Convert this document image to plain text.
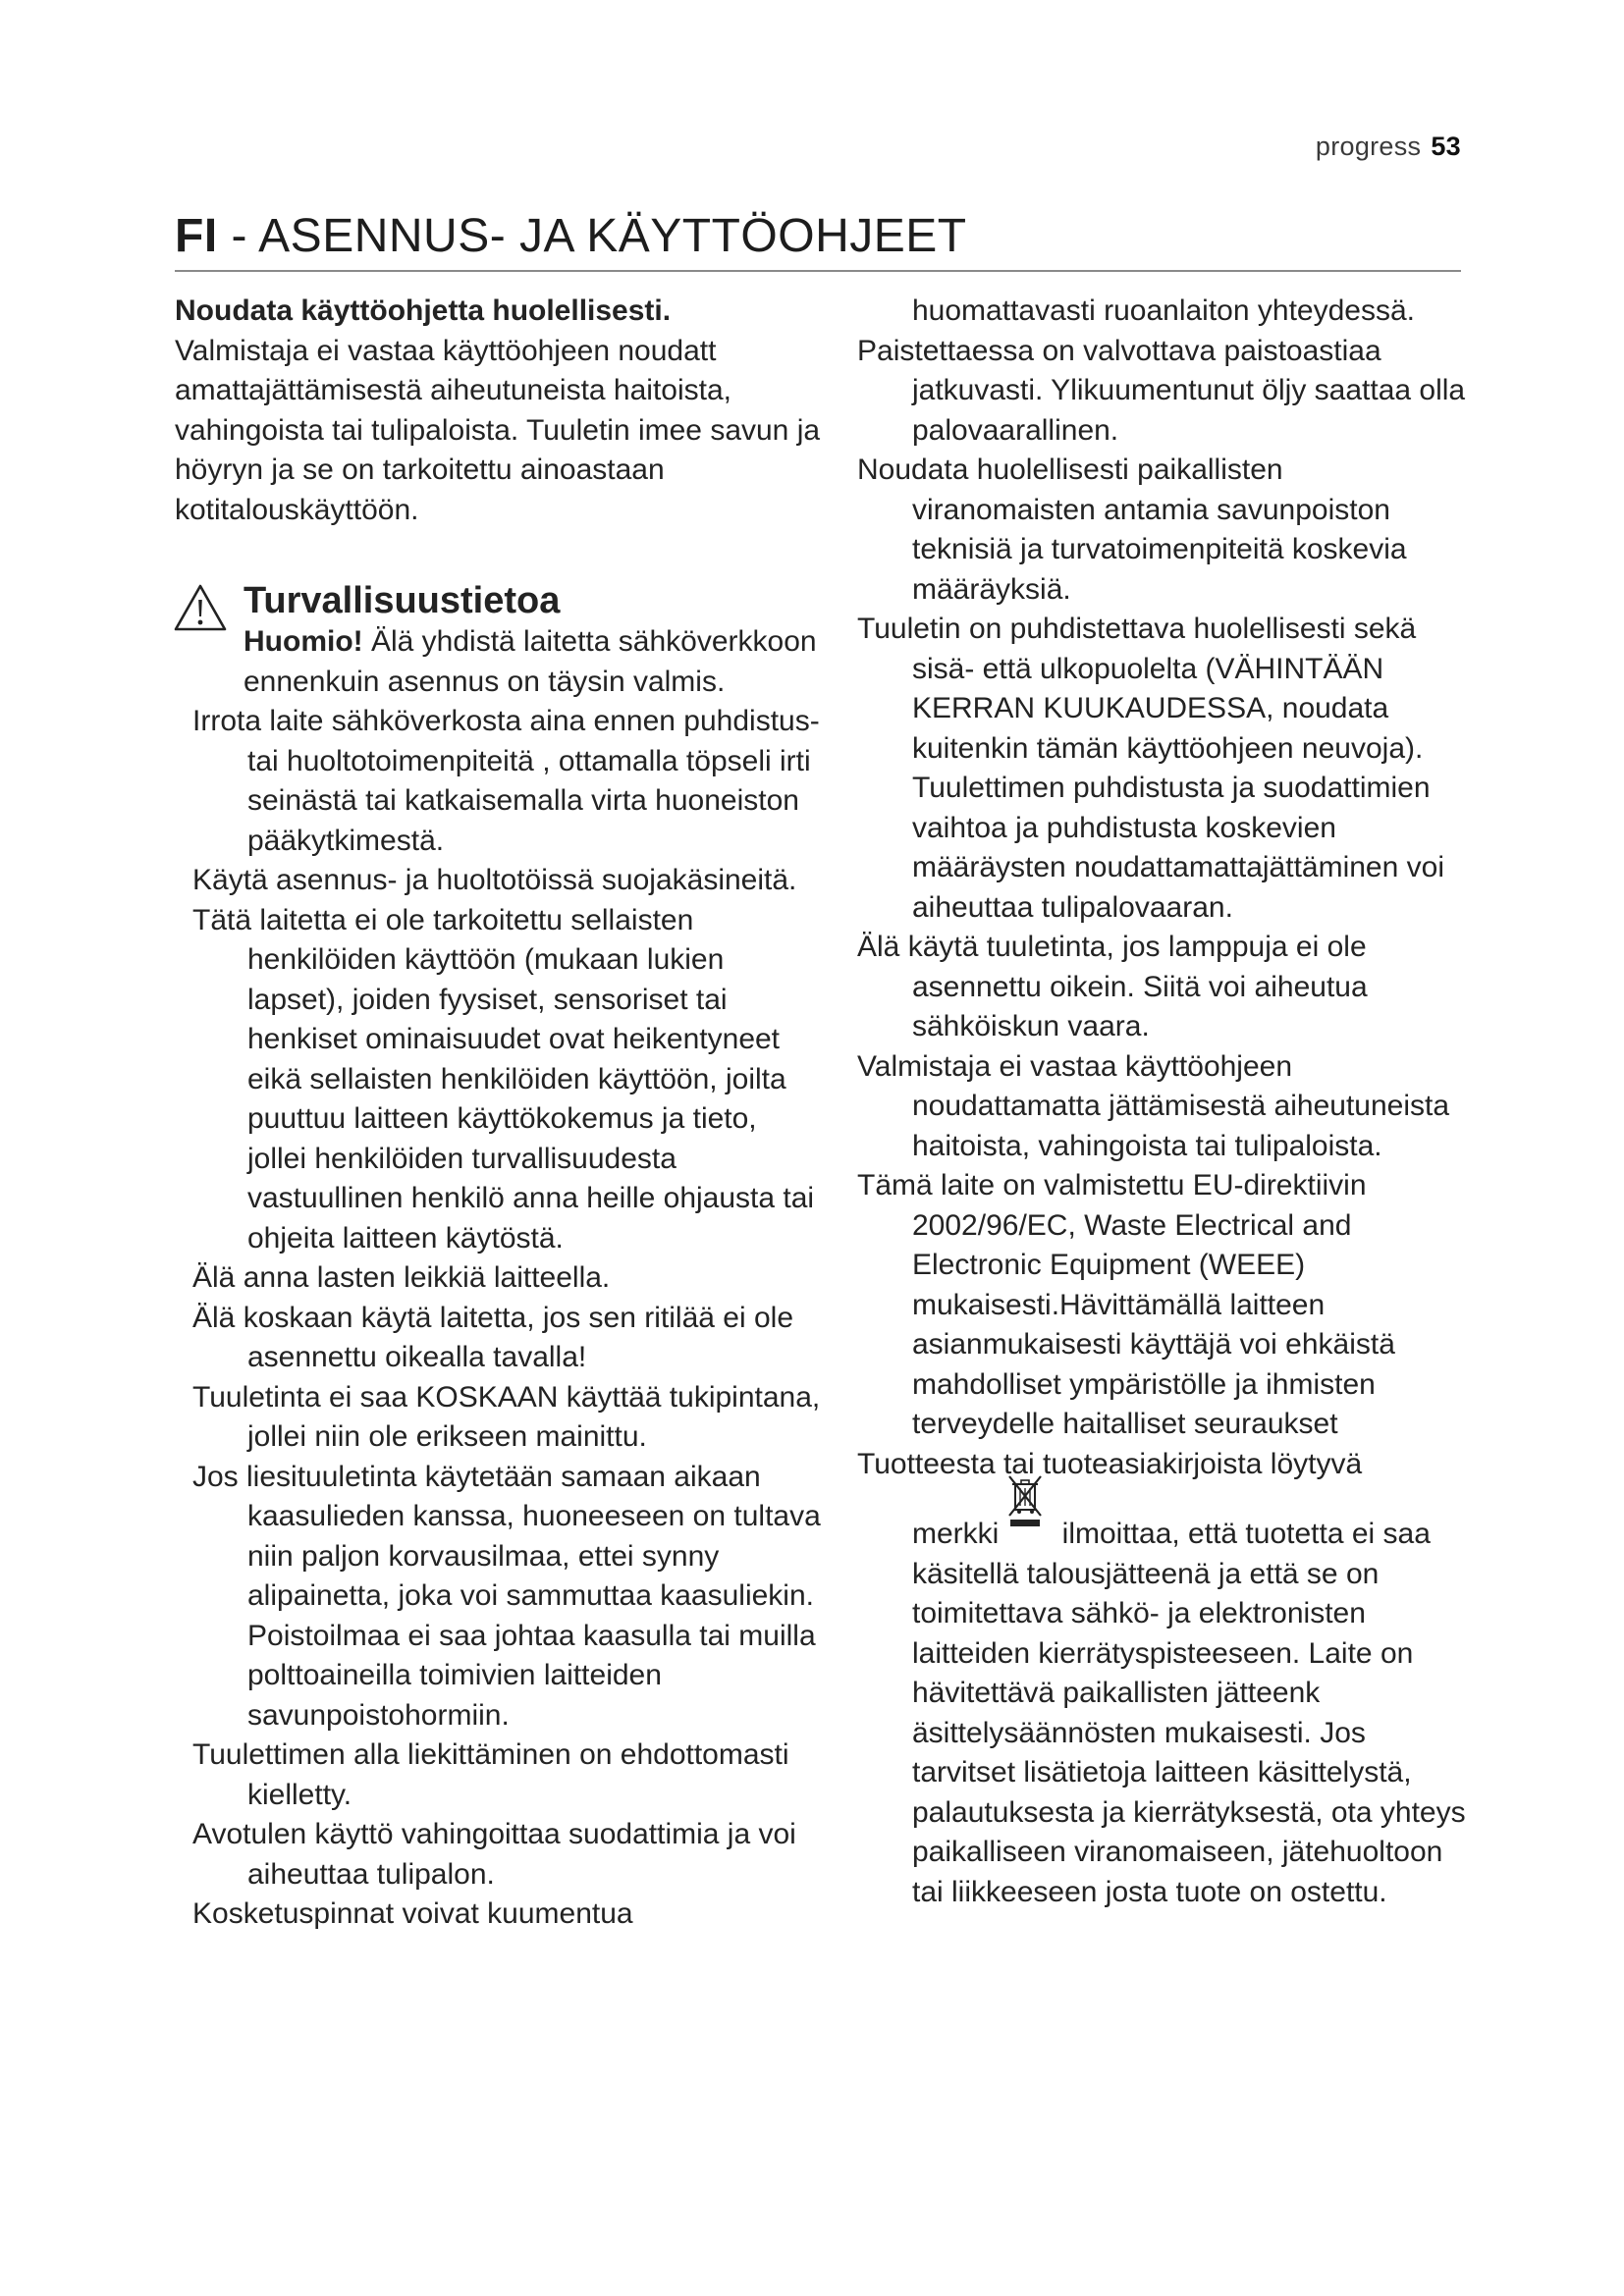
progress 53
FI - ASENNUS- JA KÄYTTÖOHJEET
Noudata käyttöohjetta huolellisesti.
Valmistaja ei vastaa käyttöohjeen noudatt amattajättämisestä aiheutuneista haitoista, vahingoista tai tulipaloista. Tuuletin imee savun ja höyryn ja se on tarkoitettu ainoastaan kotitalouskäyttöön.
Turvallisuustietoa
Huomio! Älä yhdistä laitetta sähköverkkoon ennenkuin asennus on täysin valmis.
Irrota laite sähköverkosta aina ennen puhdistus- tai huoltotoimenpiteitä , ottamalla töpseli irti seinästä tai katkaisemalla virta huoneiston pääkytkimestä.
Käytä asennus- ja huoltotöissä suojakäsineitä.
Tätä laitetta ei ole tarkoitettu sellaisten henkilöiden käyttöön (mukaan lukien lapset), joiden fyysiset, sensoriset tai henkiset ominaisuudet ovat heikentyneet eikä sellaisten henkilöiden käyttöön, joilta puuttuu laitteen käyttökokemus ja tieto, jollei henkilöiden turvallisuudesta vastuullinen henkilö anna heille ohjausta tai ohjeita laitteen käytöstä.
Älä anna lasten leikkiä laitteella.
Älä koskaan käytä laitetta, jos sen ritilää ei ole asennettu oikealla tavalla!
Tuuletinta ei saa KOSKAAN käyttää tukipintana, jollei niin ole erikseen mainittu.
Jos liesituuletinta käytetään samaan aikaan kaasulieden kanssa, huoneeseen on tultava niin paljon korvausilmaa, ettei synny alipainetta, joka voi sammuttaa kaasuliekin. Poistoilmaa ei saa johtaa kaasulla tai muilla polttoaineilla toimivien laitteiden savunpoistohormiin.
Tuulettimen alla liekittäminen on ehdottomasti kielletty.
Avotulen käyttö vahingoittaa suodattimia ja voi aiheuttaa tulipalon.
Kosketuspinnat voivat kuumentua
huomattavasti ruoanlaiton yhteydessä.
Paistettaessa on valvottava paistoastiaa jatkuvasti. Ylikuumentunut öljy saattaa olla palovaarallinen.
Noudata huolellisesti paikallisten viranomaisten antamia savunpoiston teknisiä ja turvatoimenpiteitä koskevia määräyksiä.
Tuuletin on puhdistettava huolellisesti sekä sisä- että ulkopuolelta (VÄHINTÄÄN KERRAN KUUKAUDESSA, noudata kuitenkin tämän käyttöohjeen neuvoja). Tuulettimen puhdistusta ja suodattimien vaihtoa ja puhdistusta koskevien määräysten noudattamattajättäminen voi aiheuttaa tulipalovaaran.
Älä käytä tuuletinta, jos lamppuja ei ole asennettu oikein. Siitä voi aiheutua sähköiskun vaara.
Valmistaja ei vastaa käyttöohjeen noudattamatta jättämisestä aiheutuneista haitoista, vahingoista tai tulipaloista.
Tämä laite on valmistettu EU-direktiivin 2002/96/EC, Waste Electrical and Electronic Equipment (WEEE) mukaisesti.Hävittämällä laitteen asianmukaisesti käyttäjä voi ehkäistä mahdolliset ympäristölle ja ihmisten terveydelle haitalliset seuraukset
Tuotteesta tai tuoteasiakirjoista löytyvä
merkki ilmoittaa, että tuotetta ei saa käsitellä talousjätteenä ja että se on toimitettava sähkö- ja elektronisten laitteiden kierrätyspisteeseen. Laite on hävitettävä paikallisten jätteenk äsittelysäännösten mukaisesti. Jos tarvitset lisätietoja laitteen käsittelystä, palautuksesta ja kierrätyksestä, ota yhteys paikalliseen viranomaiseen, jätehuoltoon tai liikkeeseen josta tuote on ostettu.
